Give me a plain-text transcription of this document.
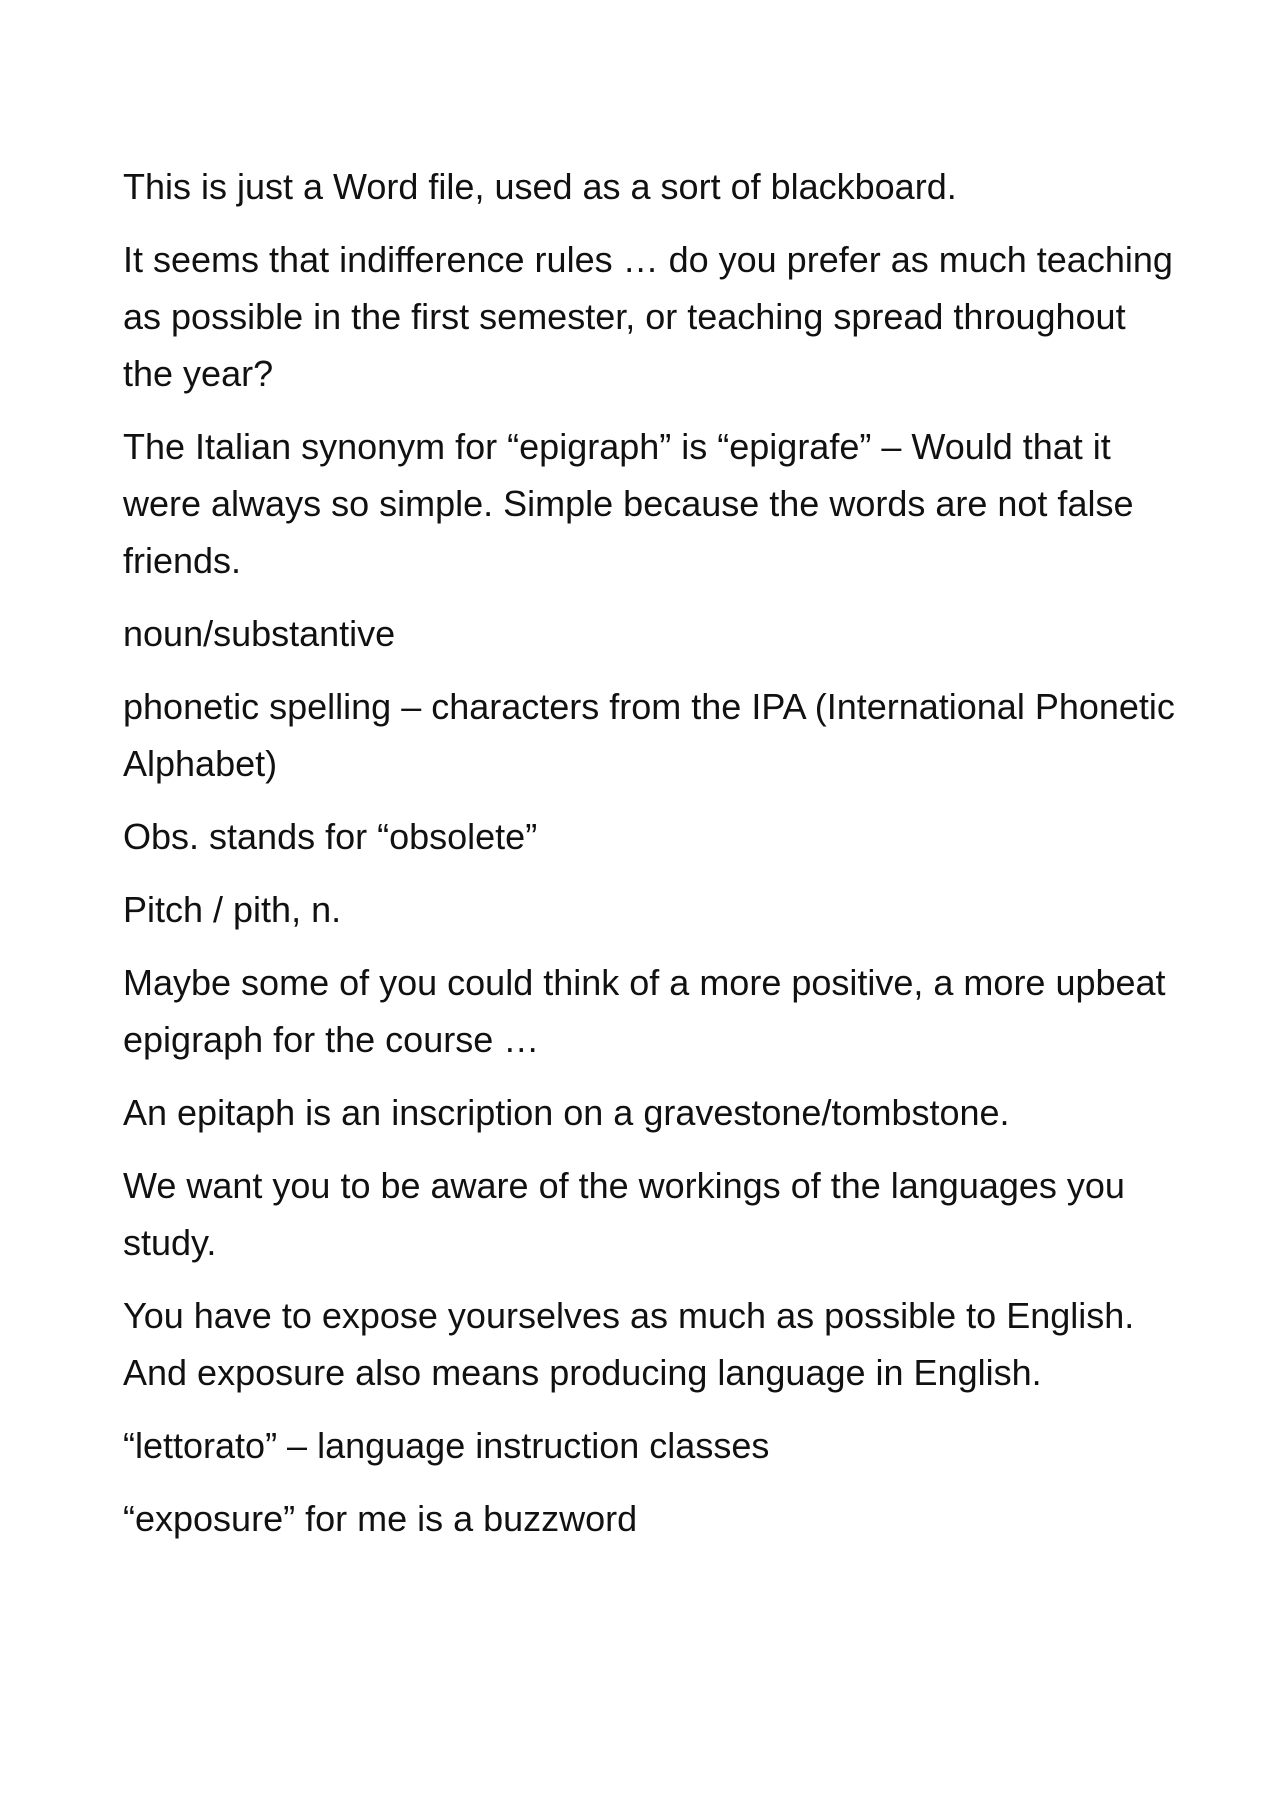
This is just a Word file, used as a sort of blackboard.

It seems that indifference rules … do you prefer as much teaching as possible in the first semester, or teaching spread throughout the year?

The Italian synonym for “epigraph” is “epigrafe” – Would that it were always so simple. Simple because the words are not false friends.

noun/substantive

phonetic spelling – characters from the IPA (International Phonetic Alphabet)

Obs. stands for “obsolete”

Pitch / pith, n.

Maybe some of you could think of a more positive, a more upbeat epigraph for the course …

An epitaph is an inscription on a gravestone/tombstone.

We want you to be aware of the workings of the languages you study.

You have to expose yourselves as much as possible to English. And exposure also means producing language in English.

“lettorato” – language instruction classes

“exposure” for me is a buzzword
